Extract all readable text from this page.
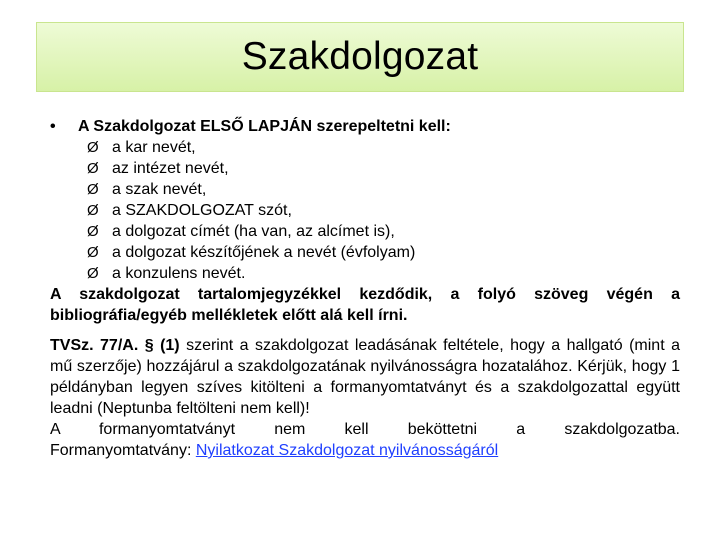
Szakdolgozat
•	A Szakdolgozat ELSŐ LAPJÁN szerepeltetni kell:
Ø a kar nevét,
Ø az intézet nevét,
Ø a szak nevét,
Ø a SZAKDOLGOZAT szót,
Ø a dolgozat címét (ha van, az alcímet is),
Ø a dolgozat készítőjének a nevét (évfolyam)
Ø a konzulens nevét.
A szakdolgozat tartalomjegyzékkel kezdődik, a folyó szöveg végén a bibliográfia/egyéb mellékletek előtt alá kell írni.
TVSz. 77/A. § (1) szerint a szakdolgozat leadásának feltétele, hogy a hallgató (mint a mű szerzője) hozzájárul a szakdolgozatának nyilvánosságra hozatalához. Kérjük, hogy 1 példányban legyen szíves kitölteni a formanyomtatványt és a szakdolgozattal együtt leadni (Neptunba feltölteni nem kell)!
A formanyomtatványt nem kell beköttetni a szakdolgozatba.
Formanyomtatvány: Nyilatkozat Szakdolgozat nyilvánosságáról
